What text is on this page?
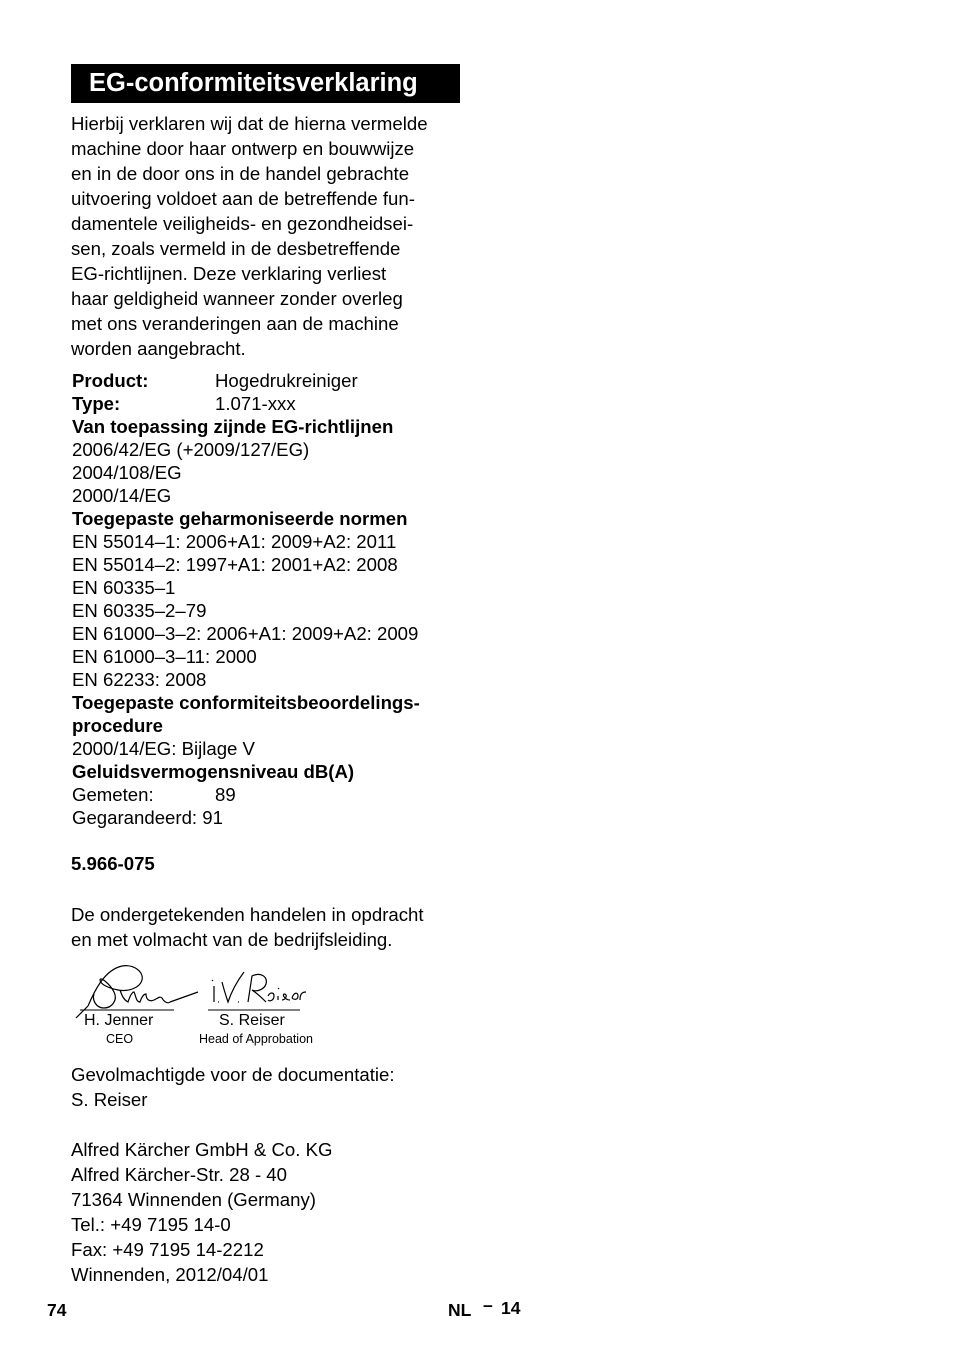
EG-conformiteitsverklaring
Hierbij verklaren wij dat de hierna vermelde
machine door haar ontwerp en bouwwijze
en in de door ons in de handel gebrachte
uitvoering voldoet aan de betreffende fun-
damentele veiligheids- en gezondheidsei-
sen, zoals vermeld in de desbetreffende
EG-richtlijnen. Deze verklaring verliest
haar geldigheid wanneer zonder overleg
met ons veranderingen aan de machine
worden aangebracht.
Product:	Hogedrukreiniger
Type:	1.071-xxx
Van toepassing zijnde EG-richtlijnen
2006/42/EG (+2009/127/EG)
2004/108/EG
2000/14/EG
Toegepaste geharmoniseerde normen
EN 55014–1: 2006+A1: 2009+A2: 2011
EN 55014–2: 1997+A1: 2001+A2: 2008
EN 60335–1
EN 60335–2–79
EN 61000–3–2: 2006+A1: 2009+A2: 2009
EN 61000–3–11: 2000
EN 62233: 2008
Toegepaste conformiteitsbeoordelings-
procedure
2000/14/EG: Bijlage V
Geluidsvermogensniveau dB(A)
Gemeten:	89
Gegarandeerd: 91
5.966-075
De ondergetekenden handelen in opdracht
en met volmacht van de bedrijfsleiding.
H. Jenner	S. Reiser
CEO	Head of Approbation
Gevolmachtigde voor de documentatie:
S. Reiser
Alfred Kärcher GmbH & Co. KG
Alfred Kärcher-Str. 28 - 40
71364 Winnenden (Germany)
Tel.: +49 7195 14-0
Fax: +49 7195 14-2212
Winnenden, 2012/04/01
74	NL – 14
